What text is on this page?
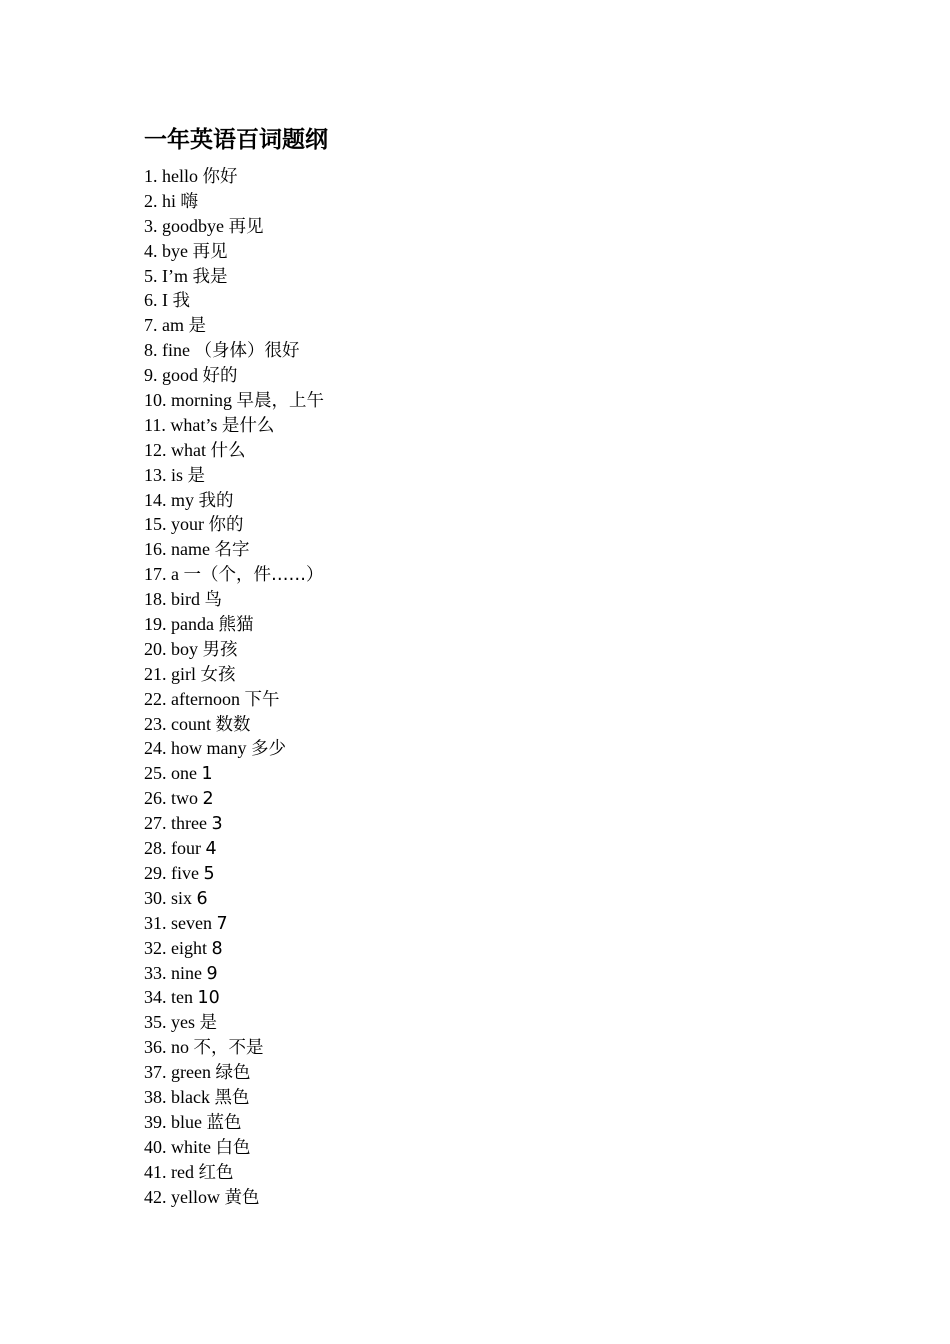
一年英语百词题纲
1. hello 你好
2. hi 嗨
3. goodbye 再见
4. bye 再见
5. I’m 我是
6. I 我
7. am 是
8. fine （身体）很好
9. good 好的
10. morning 早晨，上午
11. what’s 是什么
12. what 什么
13. is 是
14. my 我的
15. your 你的
16. name 名字
17. a 一（个，件……）
18. bird 鸟
19. panda 熊猫
20. boy 男孩
21. girl 女孩
22. afternoon 下午
23. count 数数
24. how many 多少
25. one 1
26. two 2
27. three 3
28. four 4
29. five 5
30. six 6
31. seven 7
32. eight 8
33. nine 9
34. ten 10
35. yes 是
36. no 不，不是
37. green 绿色
38. black 黑色
39. blue 蓝色
40. white 白色
41. red 红色
42. yellow 黄色
